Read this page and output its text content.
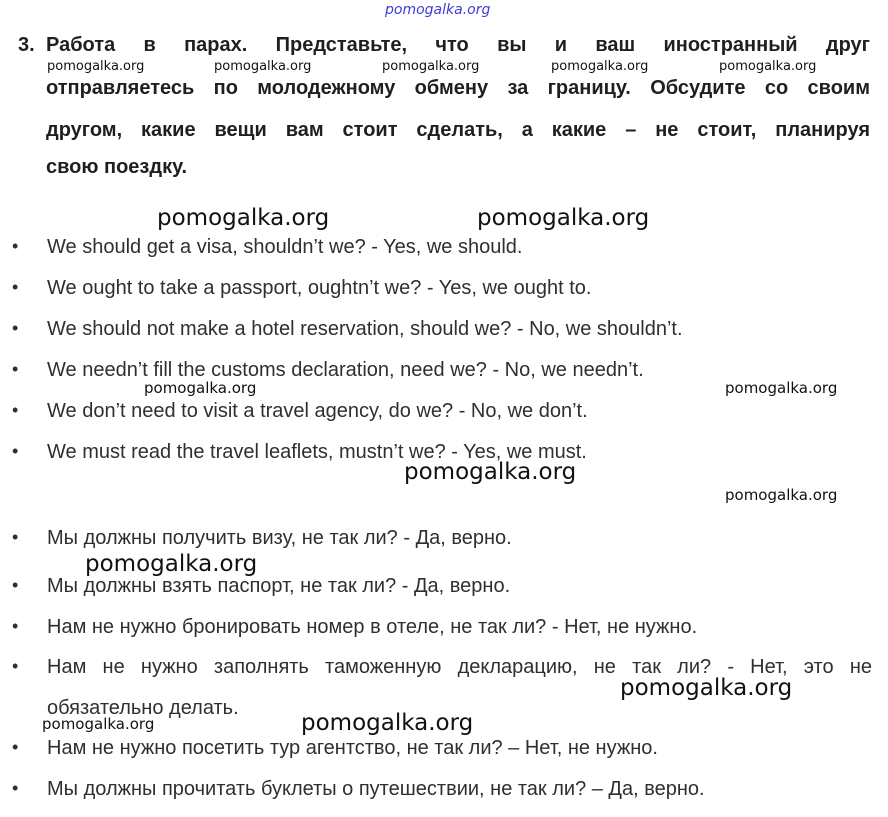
pomogalka.org
pomogalka.org	pomogalka.org	pomogalka.org	pomogalka.org	pomogalka.org
3. Работа в парах. Представьте, что вы и ваш иностранный друг
отправляетесь по молодежному обмену за границу. Обсудите со своим
другом, какие вещи вам стоит сделать, а какие – не стоит, планируя
свою поездку.
pomogalka.org	pomogalka.org
• We should get a visa, shouldn’t we? - Yes, we should.
• We ought to take a passport, oughtn’t we? - Yes, we ought to.
• We should not make a hotel reservation, should we? - No, we shouldn’t.
• We needn’t fill the customs declaration, need we? - No, we needn’t.
pomogalka.org	pomogalka.org
• We don’t need to visit a travel agency, do we? - No, we don’t.
• We must read the travel leaflets, mustn’t we? - Yes, we must.
pomogalka.org
pomogalka.org
• Мы должны получить визу, не так ли? - Да, верно.
pomogalka.org
• Мы должны взять паспорт, не так ли? - Да, верно.
• Нам не нужно бронировать номер в отеле, не так ли? - Нет, не нужно.
• Нам не нужно заполнять таможенную декларацию, не так ли? - Нет, это не
обязательно делать.
pomogalka.org
pomogalka.org	pomogalka.org
• Нам не нужно посетить тур агентство, не так ли? – Нет, не нужно.
• Мы должны прочитать буклеты о путешествии, не так ли? – Да, верно.
